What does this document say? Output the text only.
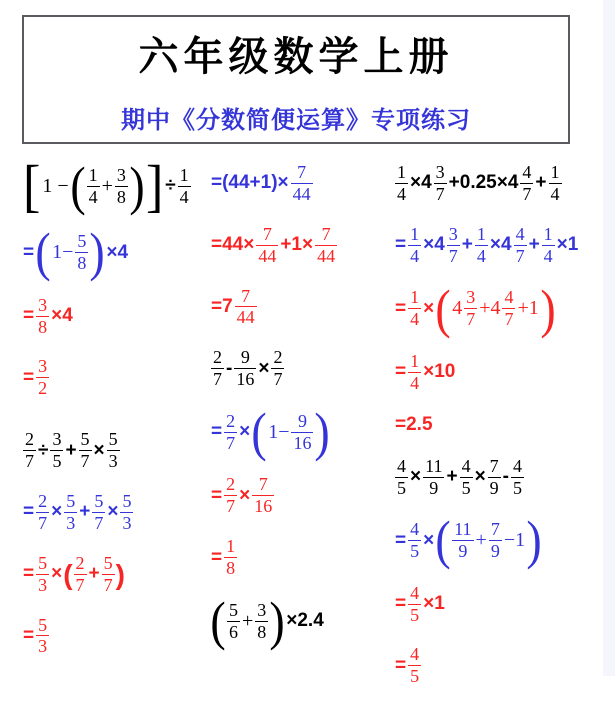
六年级数学上册
期中《分数简便运算》专项练习
[ 1 − ( 1
4 + 3
8 ) ] ÷
1
4
= ( 1− 5
8 ) ×4
=
3
8
×4
=
3
2
2
7
÷
3
5
+
5
7
×
5
3
=
2
7
×
5
3
+
5
7
×
5
3
=
5
3
× ( 2
7
+
5
7 )
=
5
3
=(44+1)×
7
44
=44×
7
44
+1×
7
44
=7
7
44
2
7
-
9
16
×
2
7
=
2
7
× ( 1− 9
16 )
=
2
7
×
7
16
=
1
8
( 5
6 + 3
8 ) ×2.4
1
4
×4
3
7
+0.25×4
4
7
+
1
4
=
1
4
×4
3
7
+
1
4
×4
4
7
+
1
4
×1
=
1
4
× ( 4 3
7 +4 4
7 +1 )
=
1
4
×10
=2.5
4
5
×
11
9
+
4
5
×
7
9
-
4
5
=
4
5
× ( 11
9 + 7
9 −1 )
=
4
5
×1
=
4
5
